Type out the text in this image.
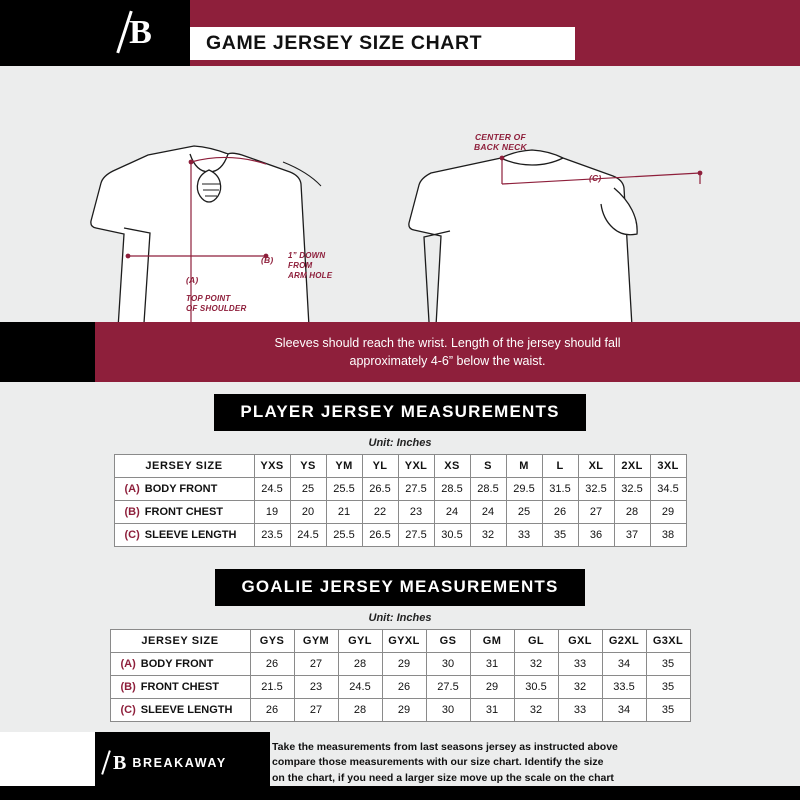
B	GAME JERSEY SIZE CHART
CENTER OF
BACK NECK
(C)
(B)
(A)
1” DOWN
FROM
ARM HOLE
TOP POINT
OF SHOULDER
Sleeves should reach the wrist. Length of the jersey should fall
approximately 4-6” below the waist.
PLAYER JERSEY MEASUREMENTS
Unit: Inches
JERSEY SIZE	YXS	YS	YM	YL	YXL	XS	S	M	L	XL	2XL	3XL
(A) BODY FRONT	24.5	25	25.5	26.5	27.5	28.5	28.5	29.5	31.5	32.5	32.5	34.5
(B) FRONT CHEST	19	20	21	22	23	24	24	25	26	27	28	29
(C) SLEEVE LENGTH	23.5	24.5	25.5	26.5	27.5	30.5	32	33	35	36	37	38
GOALIE JERSEY MEASUREMENTS
Unit: Inches
JERSEY SIZE	GYS	GYM	GYL	GYXL	GS	GM	GL	GXL	G2XL	G3XL
(A) BODY FRONT	26	27	28	29	30	31	32	33	34	35
(B) FRONT CHEST	21.5	23	24.5	26	27.5	29	30.5	32	33.5	35
(C) SLEEVE LENGTH	26	27	28	29	30	31	32	33	34	35
B BREAKAWAY

Take the measurements from last seasons jersey as instructed above
compare those measurements with our size chart. Identify the size
on the chart, if you need a larger size move up the scale on the chart
